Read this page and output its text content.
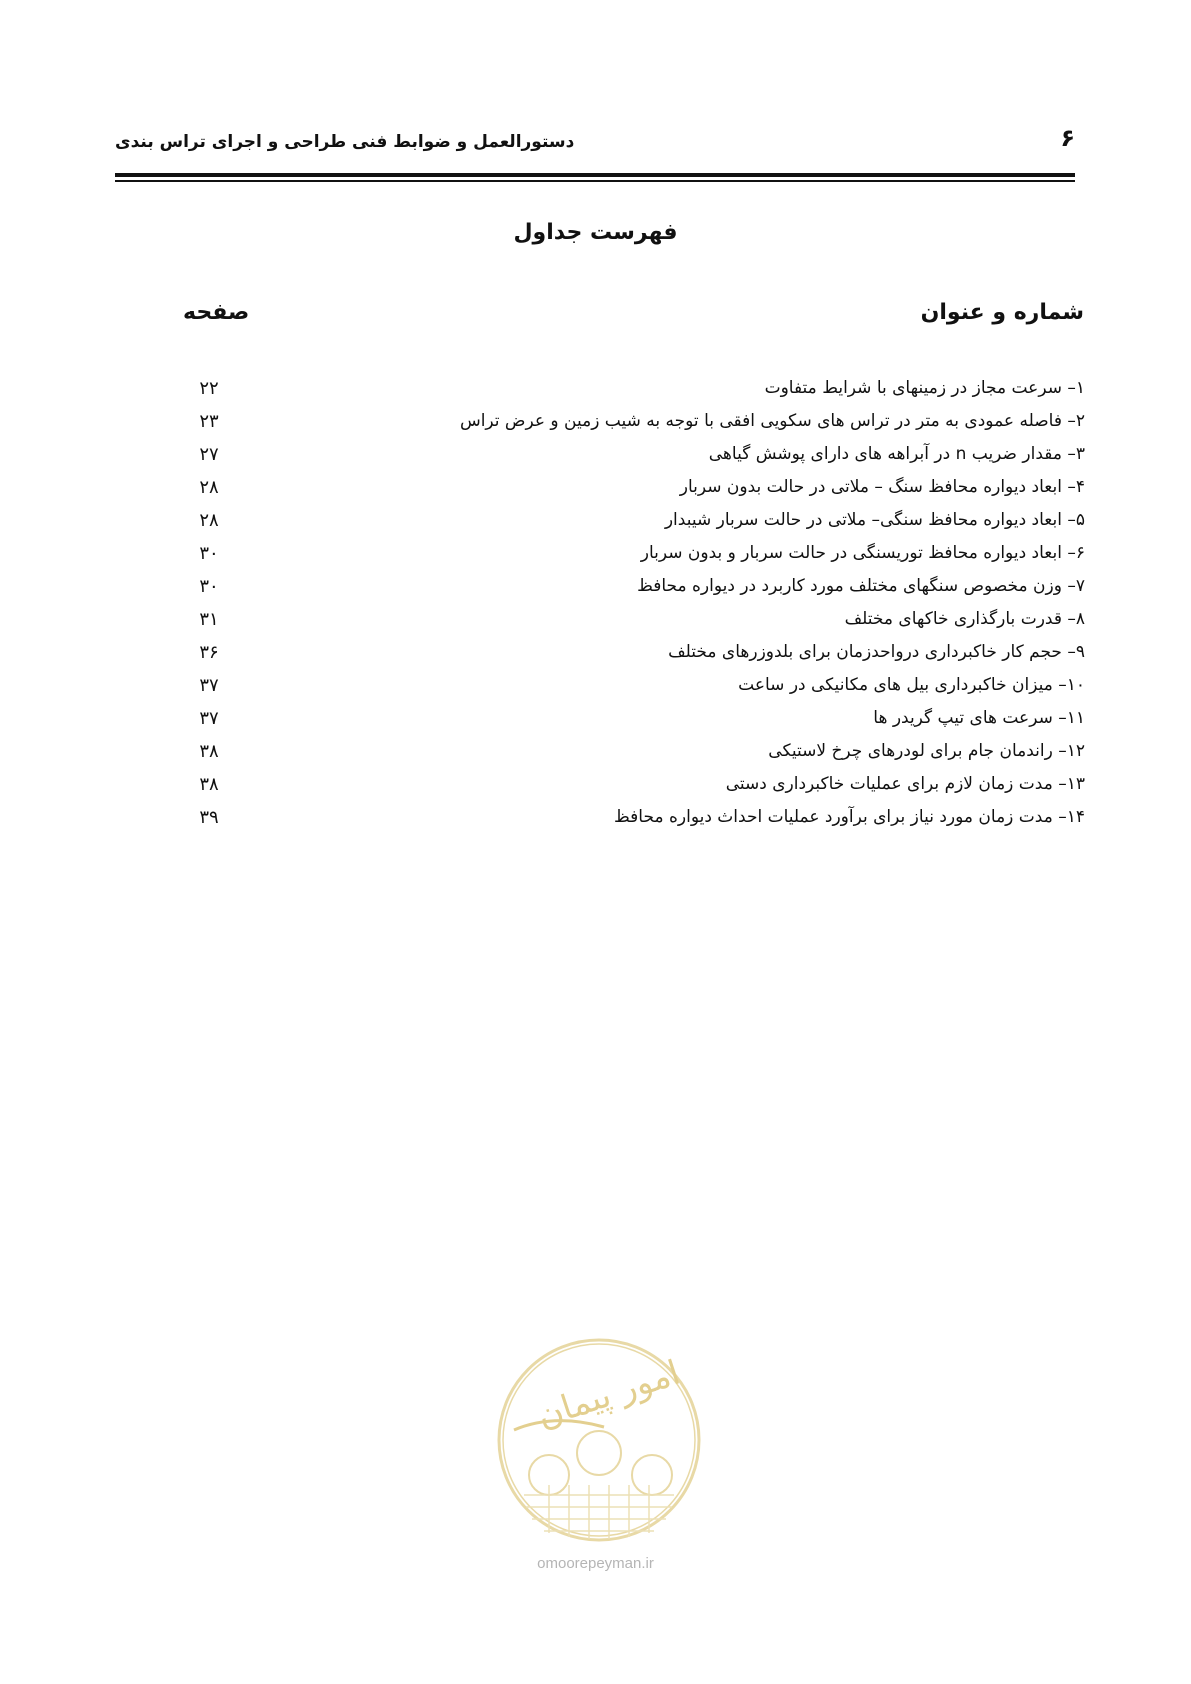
۶
دستورالعمل و ضوابط فنی طراحی و اجرای تراس بندی
فهرست جداول
شماره و عنوان
صفحه
۱– سرعت مجاز در زمینهای با شرایط متفاوت
۲۲
۲– فاصله عمودی به متر در تراس های سکویی افقی با توجه به شیب زمین و عرض تراس
۲۳
۳– مقدار ضریب n در آبراهه های دارای پوشش گیاهی
۲۷
۴– ابعاد دیواره محافظ سنگ – ملاتی در حالت بدون سربار
۲۸
۵– ابعاد دیواره محافظ سنگی– ملاتی در حالت سربار شیبدار
۲۸
۶– ابعاد دیواره محافظ توریسنگی در حالت سربار و بدون سربار
۳۰
۷– وزن مخصوص سنگهای مختلف مورد کاربرد در دیواره محافظ
۳۰
۸– قدرت بارگذاری خاکهای مختلف
۳۱
۹– حجم کار خاکبرداری درواحدزمان برای بلدوزرهای مختلف
۳۶
۱۰– میزان خاکبرداری بیل های مکانیکی در ساعت
۳۷
۱۱– سرعت های تیپ گریدر ها
۳۷
۱۲– راندمان جام برای لودرهای چرخ لاستیکی
۳۸
۱۳– مدت زمان لازم برای عملیات خاکبرداری دستی
۳۸
۱۴– مدت زمان مورد نیاز برای برآورد عملیات احداث دیواره محافظ
۳۹
امور پیمان
omoorepeyman.ir
